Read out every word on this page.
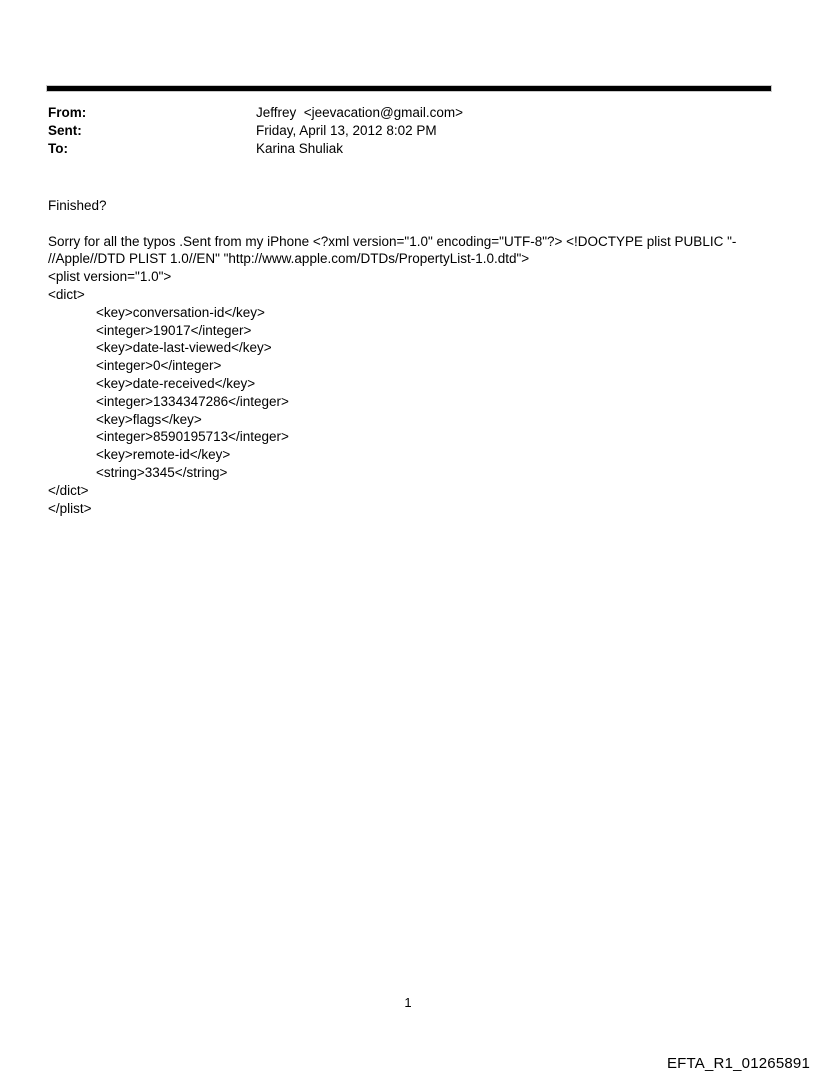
From:	Jeffrey  <jeevacation@gmail.com>
Sent:	Friday, April 13, 2012 8:02 PM
To:	Karina Shuliak
Finished?

Sorry for all the typos .Sent from my iPhone <?xml version="1.0" encoding="UTF-8"?> <!DOCTYPE plist PUBLIC "-
//Apple//DTD PLIST 1.0//EN" "http://www.apple.com/DTDs/PropertyList-1.0.dtd">
<plist version="1.0">
<dict>
<key>conversation-id</key>
<integer>19017</integer>
<key>date-last-viewed</key>
<integer>0</integer>
<key>date-received</key>
<integer>1334347286</integer>
<key>flags</key>
<integer>8590195713</integer>
<key>remote-id</key>
<string>3345</string>
</dict>
</plist>
1
EFTA_R1_01265891
